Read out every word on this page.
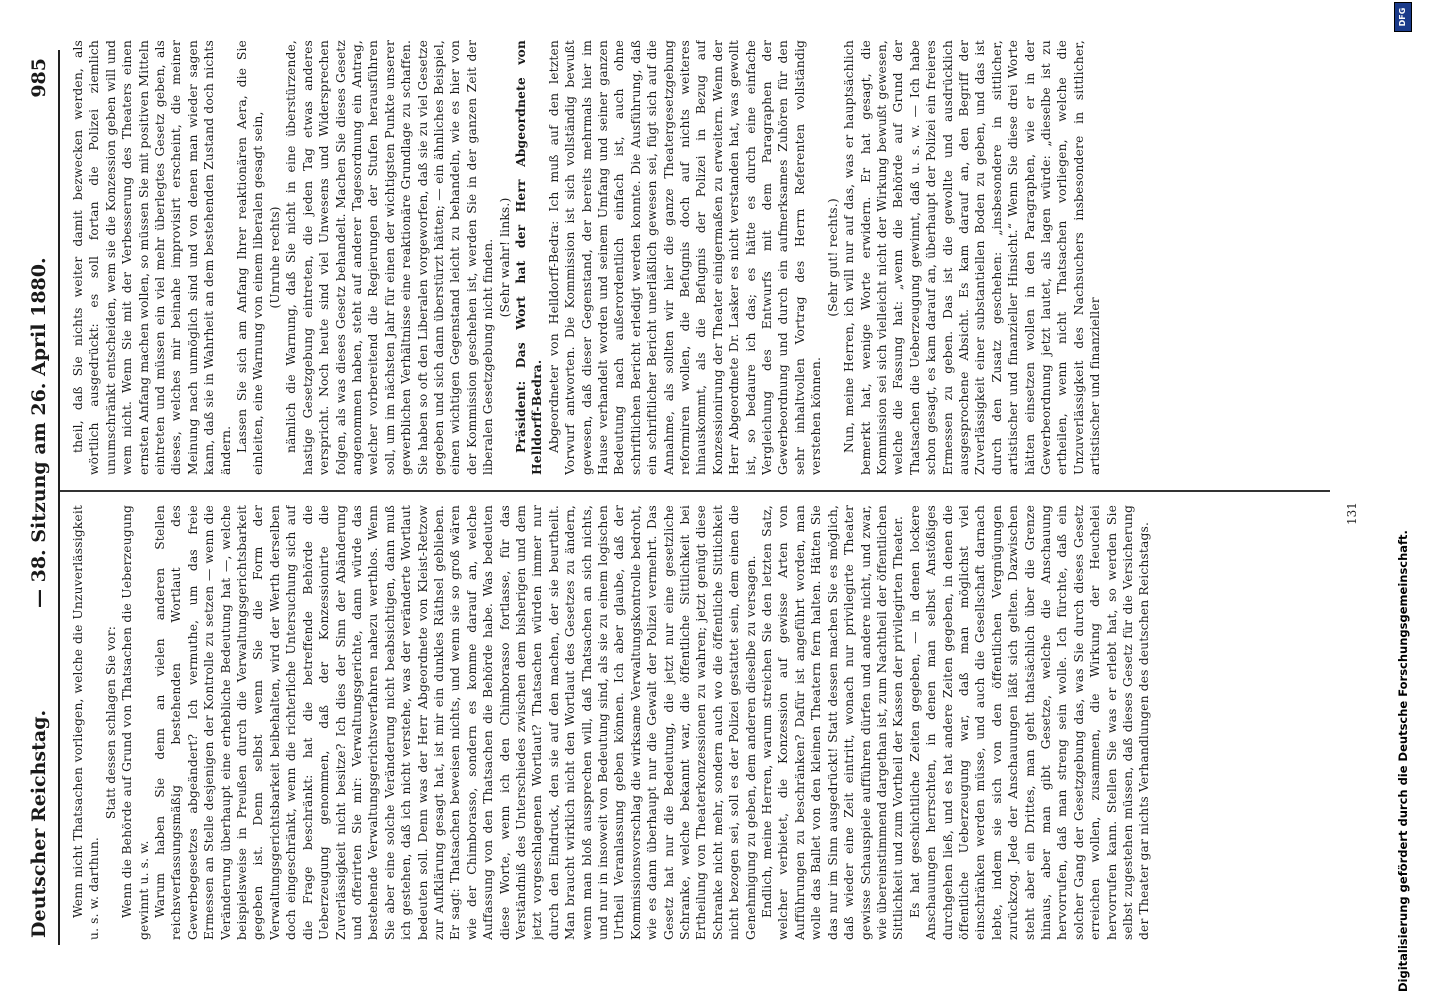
Deutscher Reichstag.
— 38. Sitzung am 26. April 1880.
985

Wenn nicht Thatsachen vorliegen, welche die Unzuverlässigkeit u. s. w. darthun.

Statt dessen schlagen Sie vor: Wenn die Behörde auf Grund von Thatsachen die Ueberzeugung gewinnt u. s. w. Warum haben Sie denn an vielen anderen Stellen reichsverfassungsmäßig bestehenden Wortlaut des Gewerbegesetzes abgeändert? Ich vermuthe, um das freie Ermessen an Stelle desjenigen der Kontrolle zu setzen — wenn die Veränderung überhaupt eine erhebliche Bedeutung hat —, welche beispielsweise in Preußen durch die Verwaltungsgerichtsbarkeit gegeben ist. Denn selbst wenn Sie die Form der Verwaltungsgerichtsbarkeit beibehalten, wird der Werth derselben doch eingeschränkt, wenn die richterliche Untersuchung sich auf die Frage beschränkt: hat die betreffende Behörde die Ueberzeugung genommen, daß der Konzessionirte die Zuverlässigkeit nicht besitze? Ich dies der Sinn der Abänderung und offerirten Sie mir: Verwaltungsgerichte, dann würde das bestehende Verwaltungsgerichtsverfahren nahezu werthlos. Wenn Sie aber eine solche Veränderung nicht beabsichtigen, dann muß ich gestehen, daß ich nicht verstehe, was der veränderte Wortlaut bedeuten soll. Denn was der Herr Abgeordnete von Kleist-Retzow zur Aufklärung gesagt hat, ist mir ein dunkles Räthsel geblieben. Er sagt: Thatsachen beweisen nichts, und wenn sie so groß wären wie der Chimborasso, sondern es komme darauf an, welche Auffassung von den Thatsachen die Behörde habe. Was bedeuten diese Worte, wenn ich den Chimborasso fortlasse, für das Verständniß des Unterschiedes zwischen dem bisherigen und dem jetzt vorgeschlagenen Wortlaut? Thatsachen würden immer nur durch den Eindruck, den sie auf den machen, der sie beurtheilt. Man braucht wirklich nicht den Wortlaut des Gesetzes zu ändern, wenn man bloß aussprechen will, daß Thatsachen an sich nichts, und nur in insoweit von Bedeutung sind, als sie zu einem logischen Urtheil Veranlassung geben können. Ich aber glaube, daß der Kommissionsvorschlag die wirksame Verwaltungskontrolle bedroht, wie es dann überhaupt nur die Gewalt der Polizei vermehrt. Das Gesetz hat nur die Bedeutung, die jetzt nur eine gesetzliche Schranke, welche bekannt war, die öffentliche Sittlichkeit bei Ertheilung von Theaterkonzessionen zu wahren; jetzt genügt diese Schranke nicht mehr, sondern auch wo die öffentliche Sittlichkeit nicht bezogen sei, soll es der Polizei gestattet sein, dem einen die Genehmigung zu geben, dem anderen dieselbe zu versagen. Endlich, meine Herren, warum streichen Sie den letzten Satz, welcher verbietet, die Konzession auf gewisse Arten von Aufführungen zu beschränken? Dafür ist angeführt worden, man wolle das Ballet von den kleinen Theatern fern halten. Hätten Sie das nur im Sinn ausgedrückt! Statt dessen machen Sie es möglich, daß wieder eine Zeit eintritt, wonach nur privilegirte Theater gewisse Schauspiele aufführen dürfen und andere nicht, und zwar, wie übereinstimmend dargethan ist, zum Nachtheil der öffentlichen Sittlichkeit und zum Vortheil der Kassen der privilegirten Theater. Es hat geschichtliche Zeiten gegeben, — in denen lockere Anschauungen herrschten, in denen man selbst Anstößiges durchgehen ließ, und es hat andere Zeiten gegeben, in denen die öffentliche Ueberzeugung war, daß man möglichst viel einschränken werden müsse, und auch die Gesellschaft darnach lebte, indem sie sich von den öffentlichen Vergnügungen zurückzog. Jede der Anschauungen läßt sich gelten. Dazwischen steht aber ein Drittes, man geht thatsächlich über die Grenze hinaus, aber man gibt Gesetze, welche die Anschauung hervorrufen, daß man streng sein wolle. Ich fürchte, daß ein solcher Gang der Gesetzgebung das, was Sie durch dieses Gesetz erreichen wollen, zusammen, die Wirkung der Heuchelei hervorrufen kann. Stellen Sie was er erlebt hat, so werden Sie selbst zugestehen müssen, daß dieses Gesetz für die Versicherung der Theater gar nichts Verhandlungen des deutschen Reichstags.

theil, daß Sie nichts weiter damit bezwecken werden, als wörtlich ausgedrückt: es soll fortan die Polizei ziemlich unumschränkt entscheiden, wem sie die Konzession geben will und wem nicht. Wenn Sie mit der Verbesserung des Theaters einen ernsten Anfang machen wollen, so müssen Sie mit positiven Mitteln eintreten und müssen ein viel mehr überlegtes Gesetz geben, als dieses, welches mir beinahe improvisirt erscheint, die meiner Meinung nach unmöglich sind und von denen man wieder sagen kann, daß sie in Wahrheit an dem bestehenden Zustand doch nichts ändern. Lassen Sie sich am Anfang Ihrer reaktionären Aera, die Sie einleiten, eine Warnung von einem liberalen gesagt sein, (Unruhe rechts) nämlich die Warnung, daß Sie nicht in eine überstürzende, hastige Gesetzgebung eintreten, die jeden Tag etwas anderes verspricht. Noch heute sind viel Unwesens und Widersprechen folgen, als was dieses Gesetz behandelt. Machen Sie dieses Gesetz angenommen haben, steht auf anderer Tagesordnung ein Antrag, welcher vorbereitend die Regierungen der Stufen herausführen soll, um im nächsten Jahr für einen der wichtigsten Punkte unserer gewerblichen Verhältnisse eine reaktionäre Grundlage zu schaffen. Sie haben so oft den Liberalen vorgeworfen, daß sie zu viel Gesetze gegeben und sich dann überstürzt hätten; — ein ähnliches Beispiel, einen wichtigen Gegenstand leicht zu behandeln, wie es hier von der Kommission geschehen ist, werden Sie in der ganzen Zeit der liberalen Gesetzgebung nicht finden. (Sehr wahr! links.) Präsident: Das Wort hat der Herr Abgeordnete von Helldorff-Bedra. Abgeordneter von Helldorff-Bedra: Ich muß auf den letzten Vorwurf antworten. Die Kommission ist sich vollständig bewußt gewesen, daß dieser Gegenstand, der bereits mehrmals hier im Hause verhandelt worden und seinem Umfang und seiner ganzen Bedeutung nach außerordentlich einfach ist, auch ohne schriftlichen Bericht erledigt werden konnte. Die Ausführung, daß ein schriftlicher Bericht unerläßlich gewesen sei, fügt sich auf die Annahme, als sollten wir hier die ganze Theatergesetzgebung reformiren wollen, die Befugnis doch auf nichts weiteres hinauskommt, als die Befugnis der Polizei in Bezug auf Konzessionirung der Theater einigermaßen zu erweitern. Wenn der Herr Abgeordnete Dr. Lasker es nicht verstanden hat, was gewollt ist, so bedaure ich das; es hätte es durch eine einfache Vergleichung des Entwurfs mit dem Paragraphen der Gewerbeordnung und durch ein aufmerksames Zuhören für den sehr inhaltvollen Vortrag des Herrn Referenten vollständig verstehen können.

(Sehr gut! rechts.) Nun, meine Herren, ich will nur auf das, was er hauptsächlich bemerkt hat, wenige Worte erwidern. Er hat gesagt, die Kommission sei sich vielleicht nicht der Wirkung bewußt gewesen, welche die Fassung hat: „wenn die Behörde auf Grund der Thatsachen die Ueberzeugung gewinnt, daß u. s. w. — Ich habe schon gesagt, es kam darauf an, überhaupt der Polizei ein freieres Ermessen zu geben. Das ist die gewollte und ausdrücklich ausgesprochene Absicht. Es kam darauf an, den Begriff der Zuverlässigkeit einer substantiellen Boden zu geben, und das ist durch den Zusatz geschehen: „insbesondere in sittlicher, artistischer und finanzieller Hinsicht.“ Wenn Sie diese drei Worte hätten einsetzen wollen in den Paragraphen, wie er in der Gewerbeordnung jetzt lautet, als lagen würde: „dieselbe ist zu ertheilen, wenn nicht Thatsachen vorliegen, welche die Unzuverlässigkeit des Nachsuchers insbesondere in sittlicher, artistischer und finanzieller

131
Digitalisierung gefördert durch die Deutsche Forschungsgemeinschaft.
DFG
